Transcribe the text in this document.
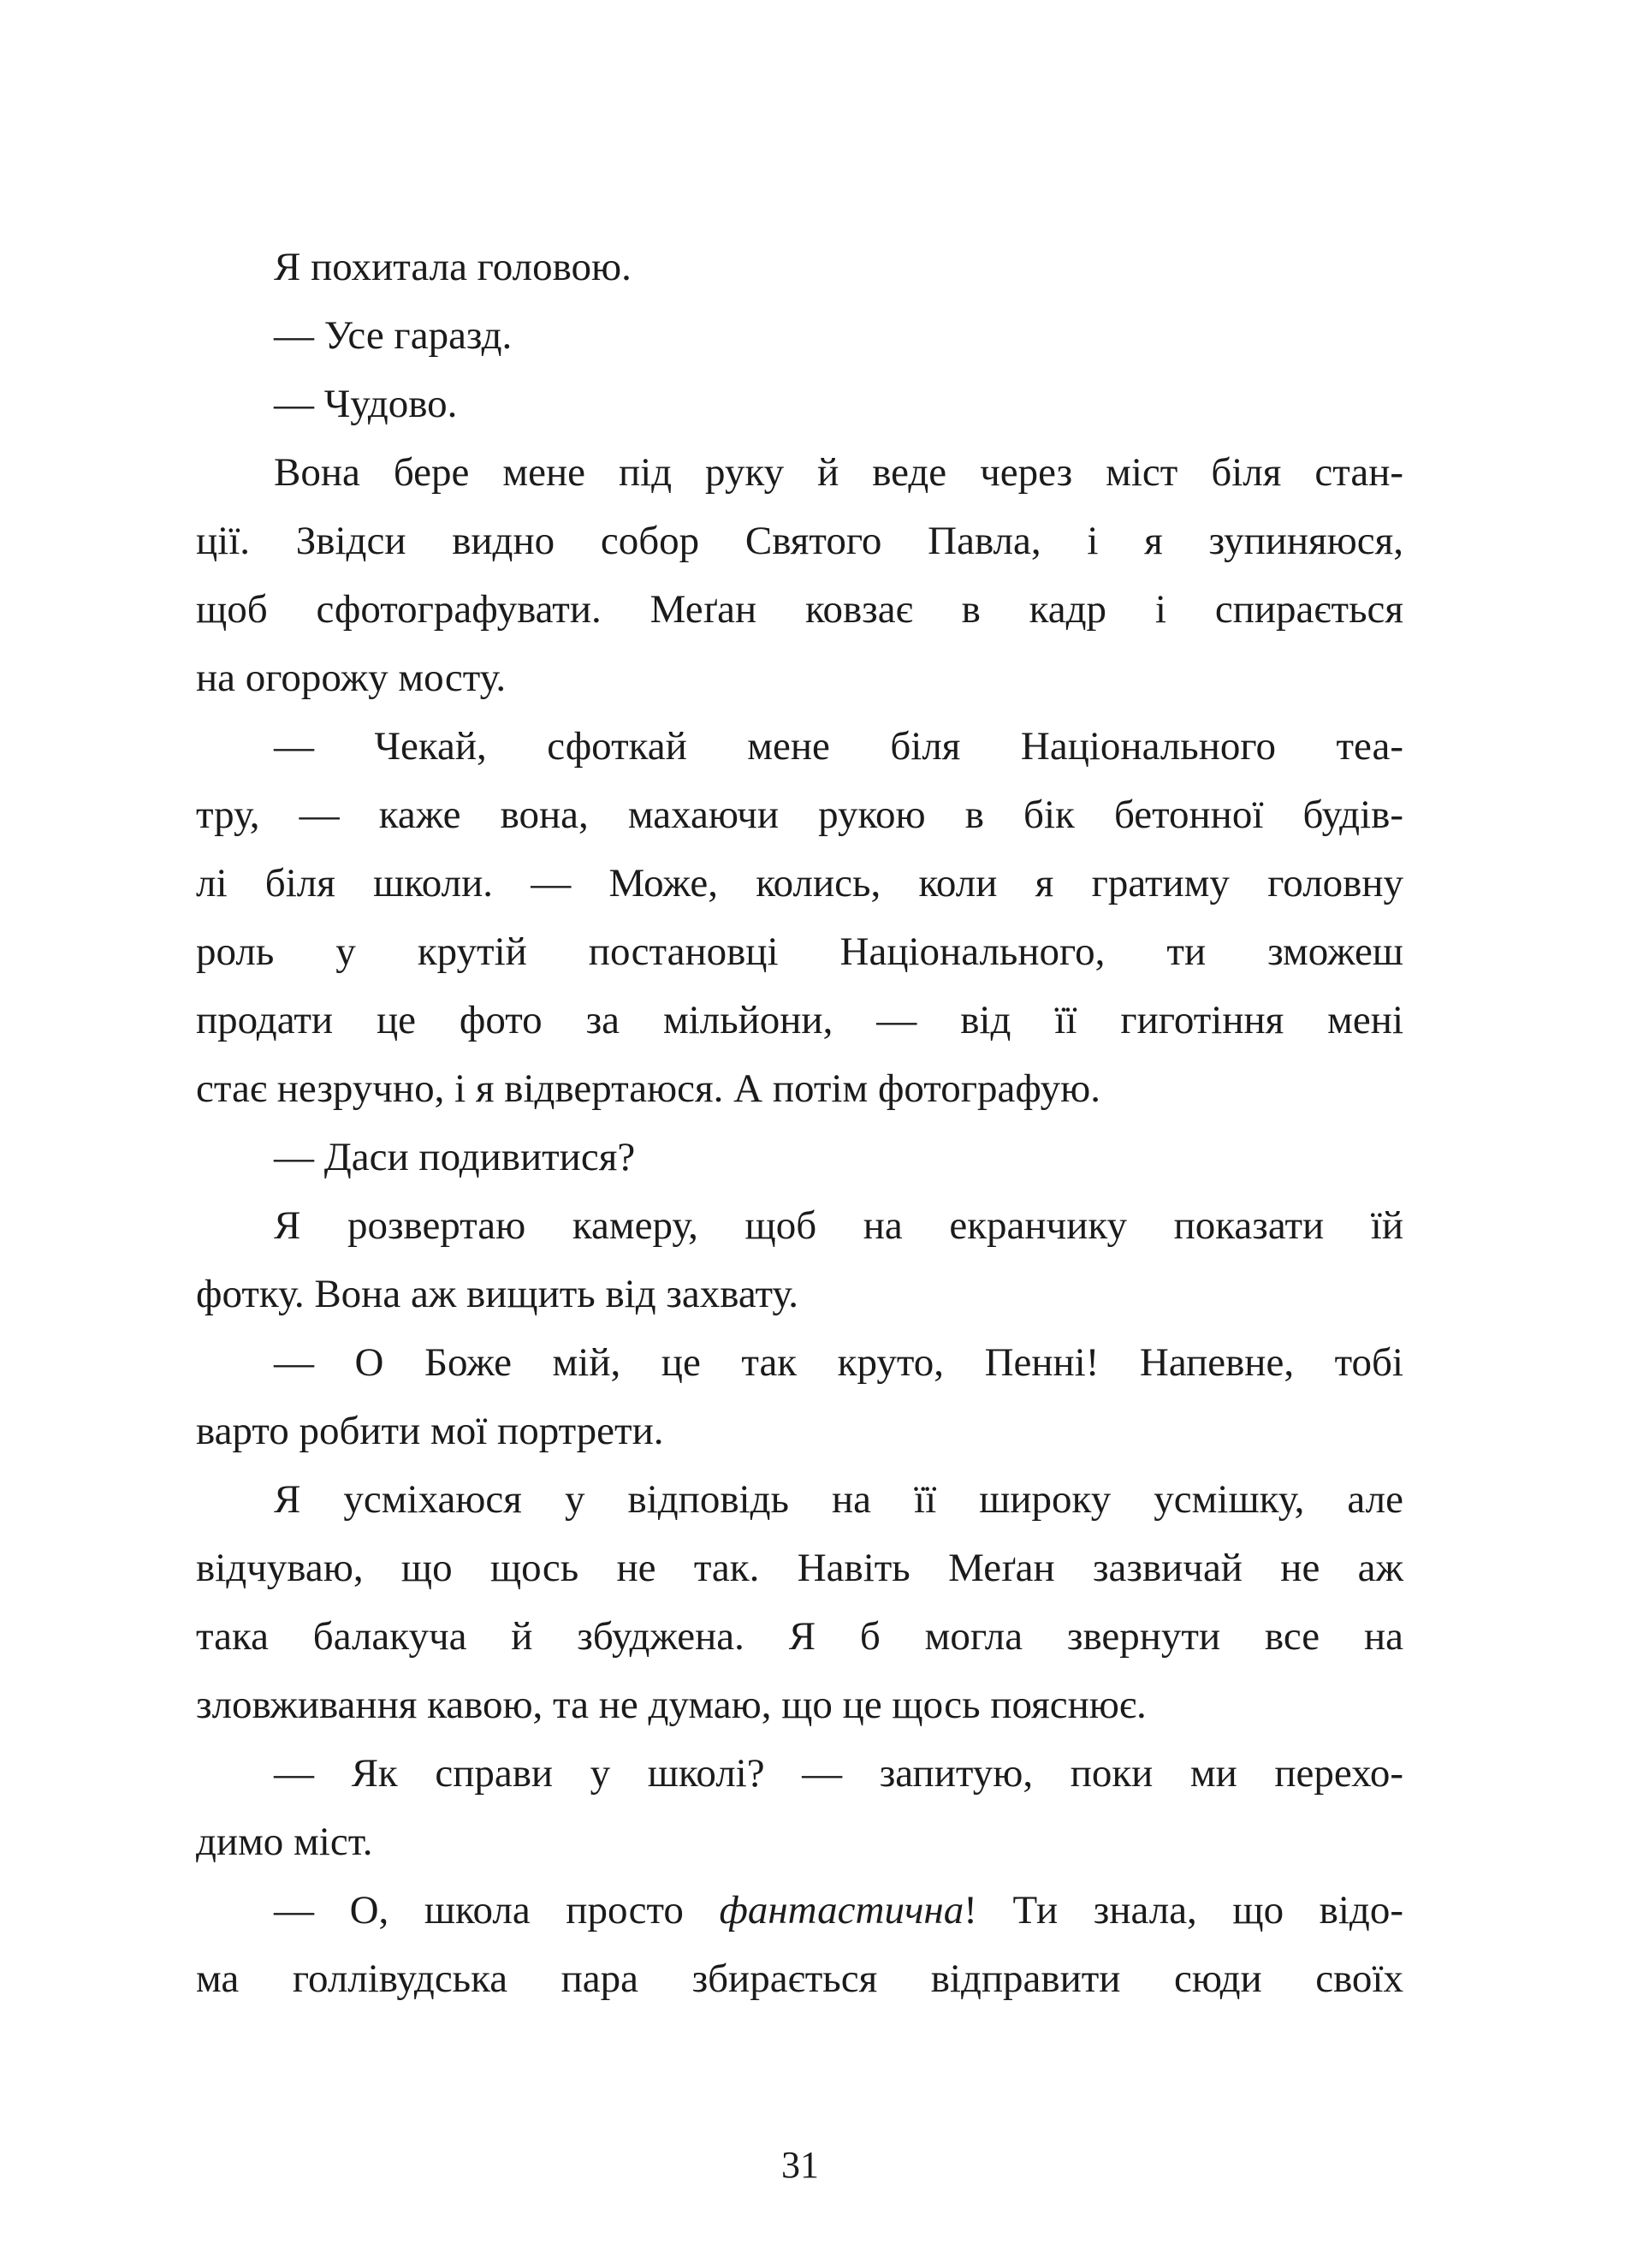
Я похитала головою.
— Усе гаразд.
— Чудово.
Вона бере мене під руку й веде через міст біля стан-
ції. Звідси видно собор Святого Павла, і я зупиняюся,
щоб сфотографувати. Меґан ковзає в кадр і спирається
на огорожу мосту.
— Чекай, сфоткай мене біля Національного теа-
тру, — каже вона, махаючи рукою в бік бетонної будів-
лі біля школи. — Може, колись, коли я гратиму головну
роль у крутій постановці Національного, ти зможеш
продати це фото за мільйони, — від її гиготіння мені
стає незручно, і я відвертаюся. А потім фотографую.
— Даси подивитися?
Я розвертаю камеру, щоб на екранчику показати їй
фотку. Вона аж вищить від захвату.
— О Боже мій, це так круто, Пенні! Напевне, тобі
варто робити мої портрети.
Я усміхаюся у відповідь на її широку усмішку, але
відчуваю, що щось не так. Навіть Меґан зазвичай не аж
така балакуча й збуджена. Я б могла звернути все на
зловживання кавою, та не думаю, що це щось пояснює.
— Як справи у школі? — запитую, поки ми перехо-
димо міст.
— О, школа просто фантастична! Ти знала, що відо-
ма голлівудська пара збирається відправити сюди своїх
31
